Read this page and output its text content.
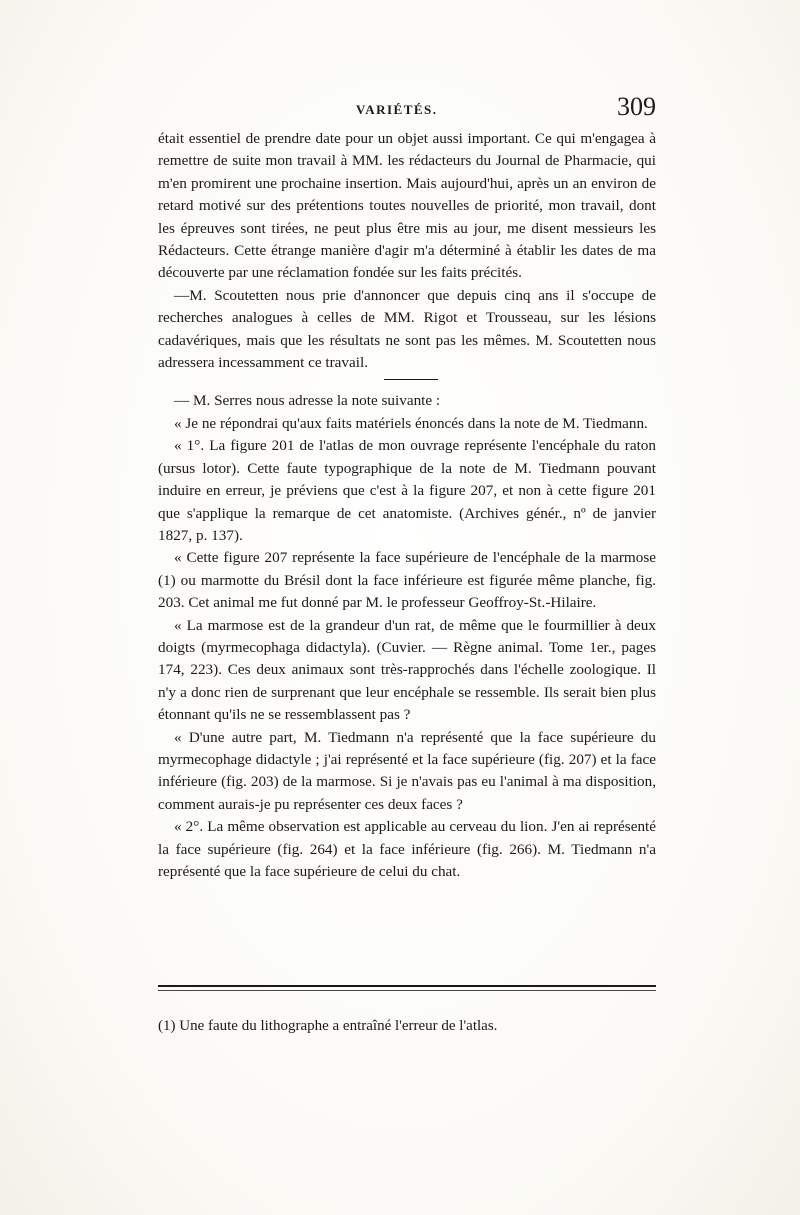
VARIÉTÉS.	309

était essentiel de prendre date pour un objet aussi important. Ce qui m'engagea à remettre de suite mon travail à MM. les rédacteurs du Journal de Pharmacie, qui m'en promirent une prochaine insertion. Mais aujourd'hui, après un an environ de retard motivé sur des prétentions toutes nouvelles de priorité, mon travail, dont les épreuves sont tirées, ne peut plus être mis au jour, me disent messieurs les Rédacteurs. Cette étrange manière d'agir m'a déterminé à établir les dates de ma découverte par une réclamation fondée sur les faits précités.

—M. Scoutetten nous prie d'annoncer que depuis cinq ans il s'occupe de recherches analogues à celles de MM. Rigot et Trousseau, sur les lésions cadavériques, mais que les résultats ne sont pas les mêmes. M. Scoutetten nous adressera incessamment ce travail.

— M. Serres nous adresse la note suivante :

« Je ne répondrai qu'aux faits matériels énoncés dans la note de M. Tiedmann.

« 1°. La figure 201 de l'atlas de mon ouvrage représente l'encéphale du raton (ursus lotor). Cette faute typographique de la note de M. Tiedmann pouvant induire en erreur, je préviens que c'est à la figure 207, et non à cette figure 201 que s'applique la remarque de cet anatomiste. (Archives génér., nº de janvier 1827, p. 137).

« Cette figure 207 représente la face supérieure de l'encéphale de la marmose (1) ou marmotte du Brésil dont la face inférieure est figurée même planche, fig. 203. Cet animal me fut donné par M. le professeur Geoffroy-St.-Hilaire.

« La marmose est de la grandeur d'un rat, de même que le fourmillier à deux doigts (myrmecophaga didactyla). (Cuvier. — Règne animal. Tome 1er., pages 174, 223). Ces deux animaux sont très-rapprochés dans l'échelle zoologique. Il n'y a donc rien de surprenant que leur encéphale se ressemble. Ils serait bien plus étonnant qu'ils ne se ressemblassent pas ?

« D'une autre part, M. Tiedmann n'a représenté que la face supérieure du myrmecophage didactyle ; j'ai représenté et la face supérieure (fig. 207) et la face inférieure (fig. 203) de la marmose. Si je n'avais pas eu l'animal à ma disposition, comment aurais-je pu représenter ces deux faces ?

« 2°. La même observation est applicable au cerveau du lion. J'en ai représenté la face supérieure (fig. 264) et la face inférieure (fig. 266). M. Tiedmann n'a représenté que la face supérieure de celui du chat.

(1) Une faute du lithographe a entraîné l'erreur de l'atlas.
